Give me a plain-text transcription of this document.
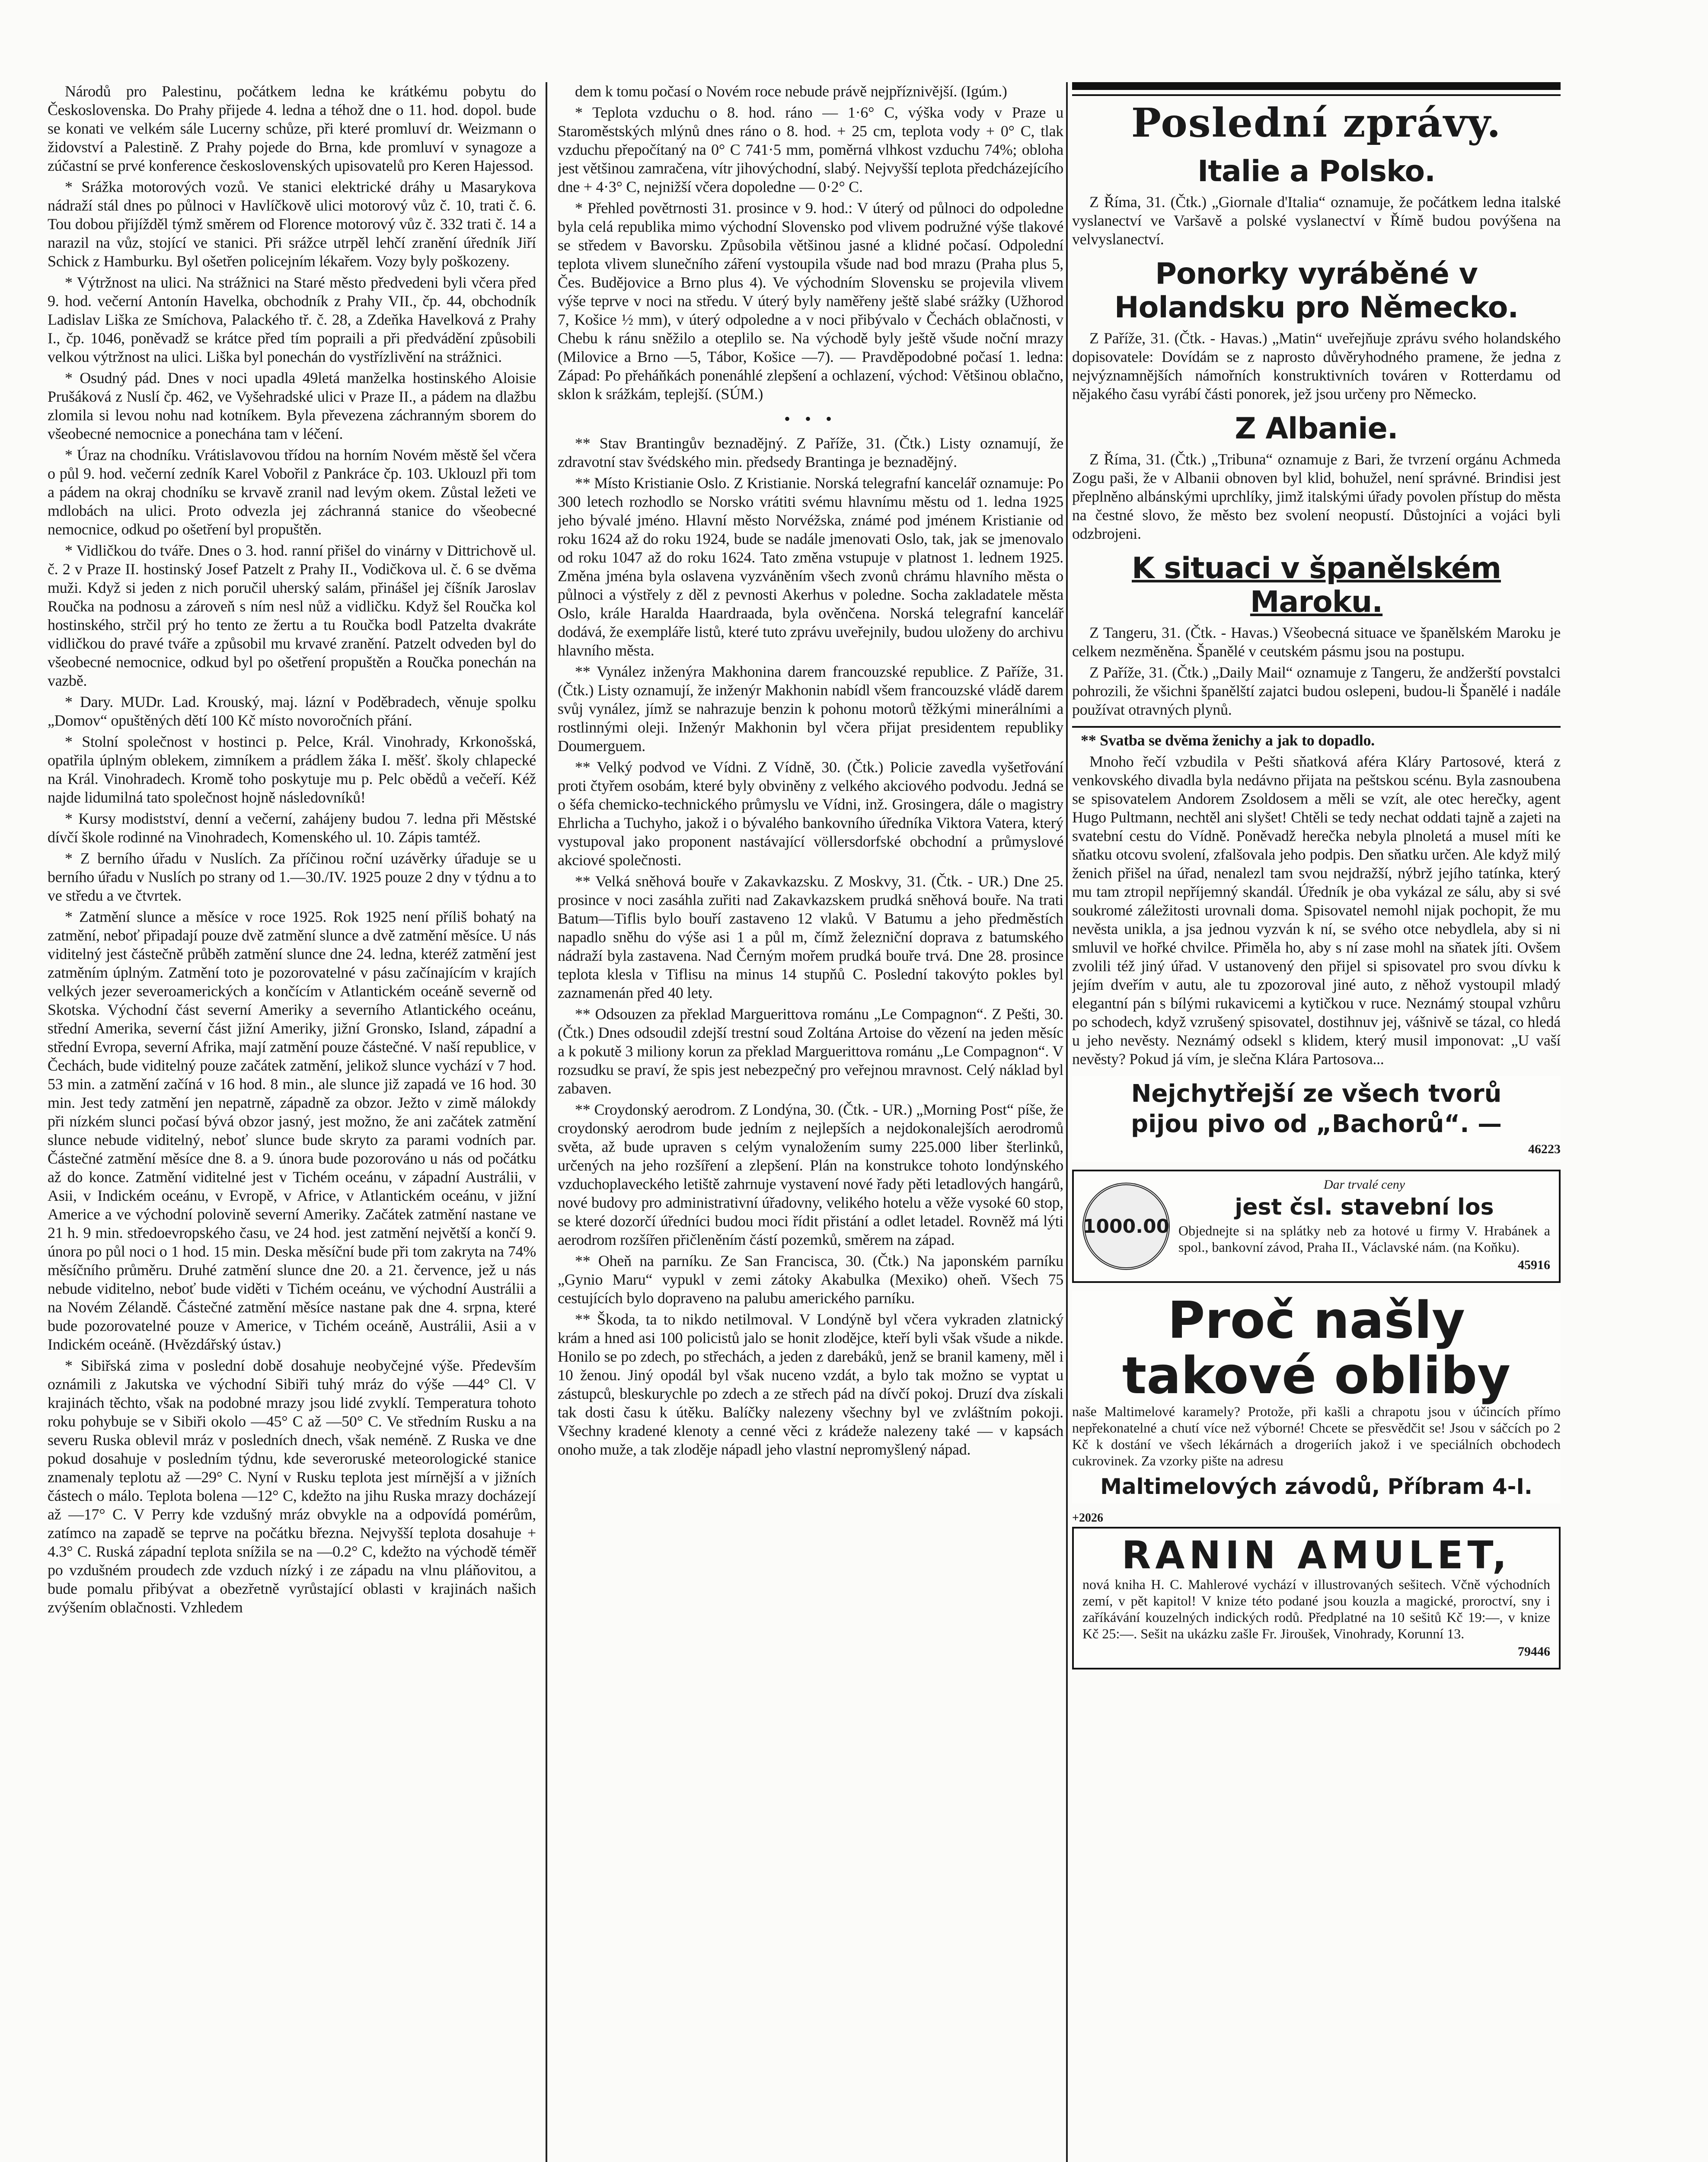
Národů pro Palestinu, počátkem ledna ke krátkému pobytu do Československa. Do Prahy přijede 4. ledna a téhož dne o 11. hod. dopol. bude se konati ve velkém sále Lucerny schůze, při které promluví dr. Weizmann o židovství a Palestině. Z Prahy pojede do Brna, kde promluví v synagoze a zúčastní se prvé konference československých upisovatelů pro Keren Hajessod.

* Srážka motorových vozů. Ve stanici elektrické dráhy u Masarykova nádraží stál dnes po půlnoci v Havlíčkově ulici motorový vůz č. 10, trati č. 6. Tou dobou přijížděl týmž směrem od Florence motorový vůz č. 332 trati č. 14 a narazil na vůz, stojící ve stanici. Při srážce utrpěl lehčí zranění úředník Jiří Schick z Hamburku. Byl ošetřen policejním lékařem. Vozy byly poškozeny.

* Výtržnost na ulici. Na strážnici na Staré město předvedeni byli včera před 9. hod. večerní Antonín Havelka, obchodník z Prahy VII., čp. 44, obchodník Ladislav Liška ze Smíchova, Palackého tř. č. 28, a Zdeňka Havelková z Prahy I., čp. 1046, poněvadž se krátce před tím popraili a při předvádění způsobili velkou výtržnost na ulici. Liška byl ponechán do vystřízlivění na strážnici.

* Osudný pád. Dnes v noci upadla 49letá manželka hostinského Aloisie Prušáková z Nuslí čp. 462, ve Vyšehradské ulici v Praze II., a pádem na dlažbu zlomila si levou nohu nad kotníkem. Byla převezena záchranným sborem do všeobecné nemocnice a ponechána tam v léčení.

* Úraz na chodníku. Vrátislavovou třídou na horním Novém městě šel včera o půl 9. hod. večerní zedník Karel Vobořil z Pankráce čp. 103. Uklouzl při tom a pádem na okraj chodníku se krvavě zranil nad levým okem. Zůstal ležeti ve mdlobách na ulici. Proto odvezla jej záchranná stanice do všeobecné nemocnice, odkud po ošetření byl propuštěn.

* Vidličkou do tváře. Dnes o 3. hod. ranní přišel do vinárny v Dittrichově ul. č. 2 v Praze II. hostinský Josef Patzelt z Prahy II., Vodičkova ul. č. 6 se dvěma muži. Když si jeden z nich poručil uherský salám, přinášel jej číšník Jaroslav Roučka na podnosu a zároveň s ním nesl nůž a vidličku. Když šel Roučka kol hostinského, strčil prý ho tento ze žertu a tu Roučka bodl Patzelta dvakráte vidličkou do pravé tváře a způsobil mu krvavé zranění. Patzelt odveden byl do všeobecné nemocnice, odkud byl po ošetření propuštěn a Roučka ponechán na vazbě.

* Dary. MUDr. Lad. Krouský, maj. lázní v Poděbradech, věnuje spolku „Domov“ opuštěných dětí 100 Kč místo novoročních přání.

* Stolní společnost v hostinci p. Pelce, Král. Vinohrady, Krkonošská, opatřila úplným oblekem, zimníkem a prádlem žáka I. měšť. školy chlapecké na Král. Vinohradech. Kromě toho poskytuje mu p. Pelc obědů a večeří. Kéž najde lidumilná tato společnost hojně následovníků!

* Kursy modistství, denní a večerní, zahájeny budou 7. ledna při Městské dívčí škole rodinné na Vinohradech, Komenského ul. 10. Zápis tamtéž.

* Z berního úřadu v Nuslích. Za příčinou roční uzávěrky úřaduje se u berního úřadu v Nuslích po strany od 1.—30./IV. 1925 pouze 2 dny v týdnu a to ve středu a ve čtvrtek.

* Zatmění slunce a měsíce v roce 1925. Rok 1925 není příliš bohatý na zatmění, neboť připadají pouze dvě zatmění slunce a dvě zatmění měsíce. U nás viditelný jest částečně průběh zatmění slunce dne 24. ledna, kteréž zatmění jest zatměním úplným. Zatmění toto je pozorovatelné v pásu začínajícím v krajích velkých jezer severoamerických a končícím v Atlantickém oceáně severně od Skotska. Východní část severní Ameriky a severního Atlantického oceánu, střední Amerika, severní část jižní Ameriky, jižní Gronsko, Island, západní a střední Evropa, severní Afrika, mají zatmění pouze částečné. V naší republice, v Čechách, bude viditelný pouze začátek zatmění, jelikož slunce vychází v 7 hod. 53 min. a zatmění začíná v 16 hod. 8 min., ale slunce již zapadá ve 16 hod. 30 min. Jest tedy zatmění jen nepatrně, západně za obzor. Ježto v zimě málokdy při nízkém slunci počasí bývá obzor jasný, jest možno, že ani začátek zatmění slunce nebude viditelný, neboť slunce bude skryto za parami vodních par. Částečné zatmění měsíce dne 8. a 9. února bude pozorováno u nás od počátku až do konce. Zatmění viditelné jest v Tichém oceánu, v západní Austrálii, v Asii, v Indickém oceánu, v Evropě, v Africe, v Atlantickém oceánu, v jižní Americe a ve východní polovině severní Ameriky. Začátek zatmění nastane ve 21 h. 9 min. středoevropského času, ve 24 hod. jest zatmění největší a končí 9. února po půl noci o 1 hod. 15 min. Deska měsíční bude při tom zakryta na 74% měsíčního průměru. Druhé zatmění slunce dne 20. a 21. července, jež u nás nebude viditelno, neboť bude viděti v Tichém oceánu, ve východní Austrálii a na Novém Zélandě. Částečné zatmění měsíce nastane pak dne 4. srpna, které bude pozorovatelné pouze v Americe, v Tichém oceáně, Austrálii, Asii a v Indickém oceáně. (Hvězdářský ústav.)

* Sibiřská zima v poslední době dosahuje neobyčejné výše. Především oznámili z Jakutska ve východní Sibiři tuhý mráz do výše —44° Cl. V krajinách těchto, však na podobné mrazy jsou lidé zvyklí. Temperatura tohoto roku pohybuje se v Sibiři okolo —45° C až —50° C. Ve středním Rusku a na severu Ruska oblevil mráz v posledních dnech, však neméně. Z Ruska ve dne pokud dosahuje v posledním týdnu, kde severoruské meteorologické stanice znamenaly teplotu až —29° C. Nyní v Rusku teplota jest mírnější a v jižních částech o málo. Teplota bolena —12° C, kdežto na jihu Ruska mrazy docházejí až —17° C. V Perry kde vzdušný mráz obvykle na a odpovídá pomérům, zatímco na zapadě se teprve na počátku března. Nejvyšší teplota dosahuje + 4.3° C. Ruská západní teplota snížila se na —0.2° C, kdežto na východě téměř po vzdušném proudech zde vzduch nízký i ze západu na vlnu pláňovitou, a bude pomalu přibývat a obezřetně vyrůstající oblasti v krajinách našich zvýšením oblačnosti. Vzhledem

dem k tomu počasí o Novém roce nebude právě nejpříznivější. (Igúm.)

* Teplota vzduchu o 8. hod. ráno — 1·6° C, výška vody v Praze u Staroměstských mlýnů dnes ráno o 8. hod. + 25 cm, teplota vody + 0° C, tlak vzduchu přepočítaný na 0° C 741·5 mm, poměrná vlhkost vzduchu 74%; obloha jest většinou zamračena, vítr jihovýchodní, slabý. Nejvyšší teplota předcházejícího dne + 4·3° C, nejnižší včera dopoledne — 0·2° C.

* Přehled povětrnosti 31. prosince v 9. hod.: V úterý od půlnoci do odpoledne byla celá republika mimo východní Slovensko pod vlivem podružné výše tlakové se středem v Bavorsku. Způsobila většinou jasné a klidné počasí. Odpolední teplota vlivem slunečního záření vystoupila všude nad bod mrazu (Praha plus 5, Čes. Budějovice a Brno plus 4). Ve východním Slovensku se projevila vlivem výše teprve v noci na středu. V úterý byly naměřeny ještě slabé srážky (Užhorod 7, Košice ½ mm), v úterý odpoledne a v noci přibývalo v Čechách oblačnosti, v Chebu k ránu sněžilo a oteplilo se. Na východě byly ještě všude noční mrazy (Milovice a Brno —5, Tábor, Košice —7). — Pravděpodobné počasí 1. ledna: Západ: Po přeháňkách ponenáhlé zlepšení a ochlazení, východ: Většinou oblačno, sklon k srážkám, teplejší. (SÚM.)

• • •

** Stav Brantingův beznadějný. Z Paříže, 31. (Čtk.) Listy oznamují, že zdravotní stav švédského min. předsedy Brantinga je beznadějný.

** Místo Kristianie Oslo. Z Kristianie. Norská telegrafní kancelář oznamuje: Po 300 letech rozhodlo se Norsko vrátiti svému hlavnímu městu od 1. ledna 1925 jeho bývalé jméno. Hlavní město Norvéžska, známé pod jménem Kristianie od roku 1624 až do roku 1924, bude se nadále jmenovati Oslo, tak, jak se jmenovalo od roku 1047 až do roku 1624. Tato změna vstupuje v platnost 1. lednem 1925. Změna jména byla oslavena vyzváněním všech zvonů chrámu hlavního města o půlnoci a výstřely z děl z pevnosti Akerhus v poledne. Socha zakladatele města Oslo, krále Haralda Haardraada, byla ověnčena. Norská telegrafní kancelář dodává, že exempláře listů, které tuto zprávu uveřejnily, budou uloženy do archivu hlavního města.

** Vynález inženýra Makhonina darem francouzské republice. Z Paříže, 31. (Čtk.) Listy oznamují, že inženýr Makhonin nabídl všem francouzské vládě darem svůj vynález, jímž se nahrazuje benzin k pohonu motorů těžkými minerálními a rostlinnými oleji. Inženýr Makhonin byl včera přijat presidentem republiky Doumerguem.

** Velký podvod ve Vídni. Z Vídně, 30. (Čtk.) Policie zavedla vyšetřování proti čtyřem osobám, které byly obviněny z velkého akciového podvodu. Jedná se o šéfa chemicko-technického průmyslu ve Vídni, inž. Grosingera, dále o magistry Ehrlicha a Tuchyho, jakož i o bývalého bankovního úředníka Viktora Vatera, který vystupoval jako proponent nastávající völlersdorfské obchodní a průmyslové akciové společnosti.

** Velká sněhová bouře v Zakavkazsku. Z Moskvy, 31. (Čtk. - UR.) Dne 25. prosince v noci zasáhla zuřiti nad Zakavkazskem prudká sněhová bouře. Na trati Batum—Tiflis bylo bouří zastaveno 12 vlaků. V Batumu a jeho předměstích napadlo sněhu do výše asi 1 a půl m, čímž železniční doprava z batumského nádraží byla zastavena. Nad Černým mořem prudká bouře trvá. Dne 28. prosince teplota klesla v Tiflisu na minus 14 stupňů C. Poslední takovýto pokles byl zaznamenán před 40 lety.

** Odsouzen za překlad Marguerittova románu „Le Compagnon“. Z Pešti, 30. (Čtk.) Dnes odsoudil zdejší trestní soud Zoltána Artoise do vězení na jeden měsíc a k pokutě 3 miliony korun za překlad Marguerittova románu „Le Compagnon“. V rozsudku se praví, že spis jest nebezpečný pro veřejnou mravnost. Celý náklad byl zabaven.

** Croydonský aerodrom. Z Londýna, 30. (Čtk. - UR.) „Morning Post“ píše, že croydonský aerodrom bude jedním z nejlepších a nejdokonalejších aerodromů světa, až bude upraven s celým vynaložením sumy 225.000 liber šterlinků, určených na jeho rozšíření a zlepšení. Plán na konstrukce tohoto londýnského vzduchoplaveckého letiště zahrnuje vystavení nové řady pěti letadlových hangárů, nové budovy pro administrativní úřadovny, velikého hotelu a věže vysoké 60 stop, se které dozorčí úředníci budou moci řídit přistání a odlet letadel. Rovněž má lýti aerodrom rozšířen přičleněním částí pozemků, směrem na západ.

** Oheň na parníku. Ze San Francisca, 30. (Čtk.) Na japonském parníku „Gynio Maru“ vypukl v zemi zátoky Akabulka (Mexiko) oheň. Všech 75 cestujících bylo dopraveno na palubu amerického parníku.

** Škoda, ta to nikdo netilmoval. V Londýně byl včera vykraden zlatnický krám a hned asi 100 policistů jalo se honit zlodějce, kteří byli však všude a nikde. Honilo se po zdech, po střechách, a jeden z darebáků, jenž se branil kameny, měl i 10 ženou. Jiný opodál byl však nuceno vzdát, a bylo tak možno se vyptat u zástupců, bleskurychle po zdech a ze střech pád na dívčí pokoj. Druzí dva získali tak dosti času k útěku. Balíčky nalezeny všechny byl ve zvláštním pokoji. Všechny kradené klenoty a cenné věci z krádeže nalezeny také — v kapsách onoho muže, a tak zloděje nápadl jeho vlastní nepromyšlený nápad.

Poslední zprávy.
Italie a Polsko.

Z Říma, 31. (Čtk.) „Giornale d'Italia“ oznamuje, že počátkem ledna italské vyslanectví ve Varšavě a polské vyslanectví v Římě budou povýšena na velvyslanectví.

Ponorky vyráběné v Holandsku pro Německo.

Z Paříže, 31. (Čtk. - Havas.) „Matin“ uveřejňuje zprávu svého holandského dopisovatele: Dovídám se z naprosto důvěryhodného pramene, že jedna z nejvýznamnějších námořních konstruktivních továren v Rotterdamu od nějakého času vyrábí části ponorek, jež jsou určeny pro Německo.

Z Albanie.

Z Říma, 31. (Čtk.) „Tribuna“ oznamuje z Bari, že tvrzení orgánu Achmeda Zogu paši, že v Albanii obnoven byl klid, bohužel, není správné. Brindisi jest přeplněno albánskými uprchlíky, jimž italskými úřady povolen přístup do města na čestné slovo, že město bez svolení neopustí. Důstojníci a vojáci byli odzbrojeni.

K situaci v španělském Maroku.

Z Tangeru, 31. (Čtk. - Havas.) Všeobecná situace ve španělském Maroku je celkem nezměněna. Španělé v ceutském pásmu jsou na postupu.

Z Paříže, 31. (Čtk.) „Daily Mail“ oznamuje z Tangeru, že andžerští povstalci pohrozili, že všichni španělští zajatci budou oslepeni, budou-li Španělé i nadále používat otravných plynů.

** Svatba se dvěma ženichy a jak to dopadlo.

Mnoho řečí vzbudila v Pešti sňatková aféra Kláry Partosové, která z venkovského divadla byla nedávno přijata na peštskou scénu. Byla zasnoubena se spisovatelem Andorem Zsoldosem a měli se vzít, ale otec herečky, agent Hugo Pultmann, nechtěl ani slyšet! Chtěli se tedy nechat oddati tajně a zajeti na svatební cestu do Vídně. Poněvadž herečka nebyla plnoletá a musel míti ke sňatku otcovu svolení, zfalšovala jeho podpis. Den sňatku určen. Ale když milý ženich přišel na úřad, nenalezl tam svou nejdražší, nýbrž jejího tatínka, který mu tam ztropil nepříjemný skandál. Úředník je oba vykázal ze sálu, aby si své soukromé záležitosti urovnali doma. Spisovatel nemohl nijak pochopit, že mu nevěsta unikla, a jsa jednou vyzván k ní, se svého otce nebydlela, aby si ni smluvil ve hořké chvilce. Přiměla ho, aby s ní zase mohl na sňatek jíti. Ovšem zvolili též jiný úřad. V ustanovený den přijel si spisovatel pro svou dívku k jejím dveřím v autu, ale tu zpozoroval jiné auto, z něhož vystoupil mladý elegantní pán s bílými rukavicemi a kytičkou v ruce. Neznámý stoupal vzhůru po schodech, když vzrušený spisovatel, dostihnuv jej, vášnivě se tázal, co hledá u jeho nevěsty. Neznámý odsekl s klidem, který musil imponovat: „U vaší nevěsty? Pokud já vím, je slečna Klára Partosova...

Nejchytřejší ze všech tvorů
pijou pivo od „Bachorů“. —
46223
1000.00
Dar trvalé ceny
jest čsl. stavební los
Objednejte si na splátky neb za hotové u firmy V. Hrabánek a spol., bankovní závod, Praha II., Václavské nám. (na Koňku).
45916
Proč našly
takové obliby
naše Maltimelové karamely? Protože, při kašli a chrapotu jsou v účincích přímo nepřekonatelné a chutí více než výborné! Chcete se přesvědčit se! Jsou v sáčcích po 2 Kč k dostání ve všech lékárnách a drogeriích jakož i ve speciálních obchodech cukrovinek. Za vzorky pište na adresu
Maltimelových závodů, Příbram 4-I.
+2026
RANIN AMULET,
nová kniha H. C. Mahlerové vychází v illustrovaných sešitech. Včně východních zemí, v pět kapitol! V knize této podané jsou kouzla a magické, proroctví, sny i zaříkávání kouzelných indických rodů. Předplatné na 10 sešitů Kč 19:—, v knize Kč 25:—. Sešit na ukázku zašle Fr. Jiroušek, Vinohrady, Korunní 13.
79446
